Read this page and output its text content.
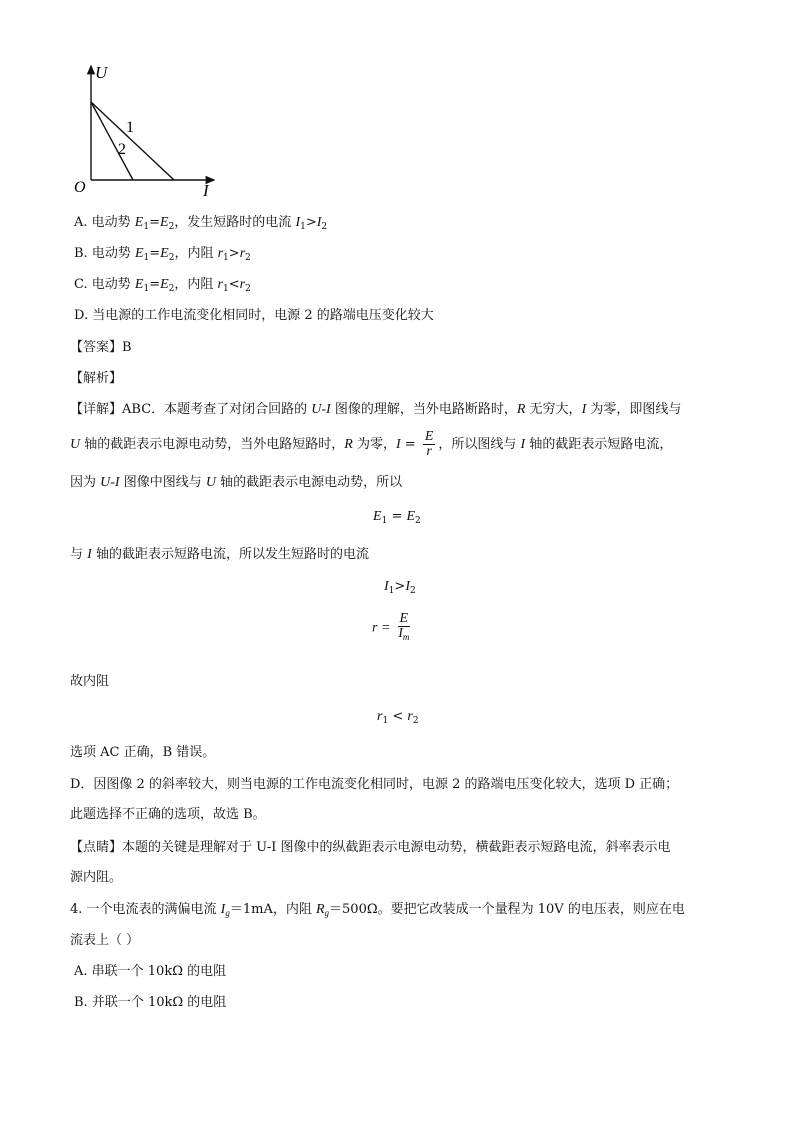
U
I
O
1
2
A. 电动势 $E_1=E_2$，发生短路时的电流 $I_1>I_2$
B. 电动势 $E_1=E_2$，内阻 $r_1>r_2$
C. 电动势 $E_1=E_2$，内阻 $r_1<r_2$
D. 当电源的工作电流变化相同时，电源 2 的路端电压变化较大
【答案】B
【解析】
【详解】ABC．本题考查了对闭合回路的 U-I 图像的理解，当外电路断路时，R 无穷大，I 为零，即图线与
U 轴的截距表示电源电动势，当外电路短路时，R 为零，$I = \frac{E}{r}$ ，所以图线与 I 轴的截距表示短路电流，
因为 U-I 图像中图线与 U 轴的截距表示电源电动势，所以
$E_1 = E_2$
与 I 轴的截距表示短路电流，所以发生短路时的电流
$I_1>I_2$
$r = \frac{E}{I_m}$
故内阻
$r_1 < r_2$
选项 AC 正确，B 错误。
D．因图像 2 的斜率较大，则当电源的工作电流变化相同时，电源 2 的路端电压变化较大，选项 D 正确；
此题选择不正确的选项，故选 B。
【点睛】本题的关键是理解对于 U-I 图像中的纵截距表示电源电动势，横截距表示短路电流，斜率表示电
源内阻。
4. 一个电流表的满偏电流 $I_g=1mA$，内阻 $R_g=500\Omega$。要把它改装成一个量程为 10V 的电压表，则应在电
流表上（ ）
A. 串联一个 10kΩ 的电阻
B. 并联一个 10kΩ 的电阻
